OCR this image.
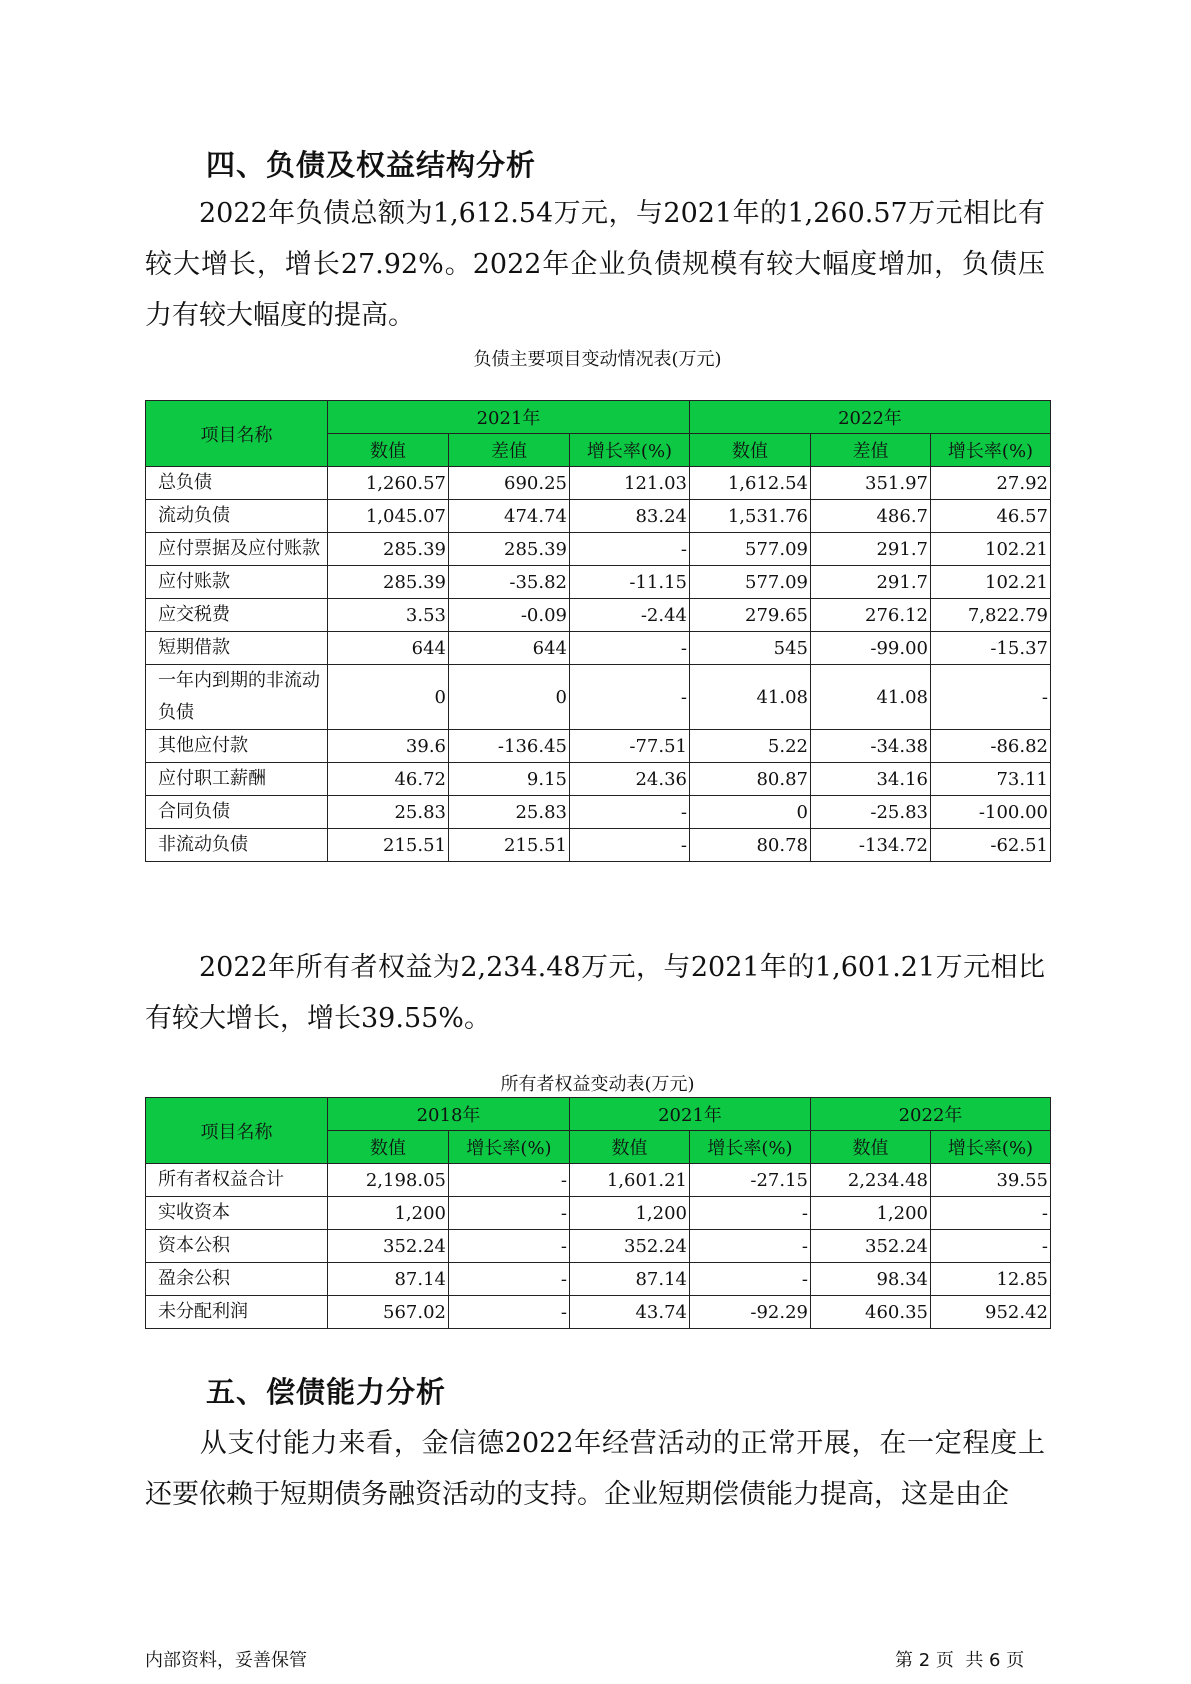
四、负债及权益结构分析
2022年负债总额为1,612.54万元，与2021年的1,260.57万元相比有较大增长，增长27.92%。2022年企业负债规模有较大幅度增加，负债压力有较大幅度的提高。
负债主要项目变动情况表(万元)
项目名称	2021年			2022年		
	数值	差值	增长率(%)	数值	差值	增长率(%)
总负债	1,260.57	690.25	121.03	1,612.54	351.97	27.92
流动负债	1,045.07	474.74	83.24	1,531.76	486.7	46.57
应付票据及应付账款	285.39	285.39	-	577.09	291.7	102.21
应付账款	285.39	-35.82	-11.15	577.09	291.7	102.21
应交税费	3.53	-0.09	-2.44	279.65	276.12	7,822.79
短期借款	644	644	-	545	-99.00	-15.37
一年内到期的非流动负债	0	0	-	41.08	41.08	-
其他应付款	39.6	-136.45	-77.51	5.22	-34.38	-86.82
应付职工薪酬	46.72	9.15	24.36	80.87	34.16	73.11
合同负债	25.83	25.83	-	0	-25.83	-100.00
非流动负债	215.51	215.51	-	80.78	-134.72	-62.51
2022年所有者权益为2,234.48万元，与2021年的1,601.21万元相比有较大增长，增长39.55%。
所有者权益变动表(万元)
项目名称	2018年		2021年		2022年	
	数值	增长率(%)	数值	增长率(%)	数值	增长率(%)
所有者权益合计	2,198.05	-	1,601.21	-27.15	2,234.48	39.55
实收资本	1,200	-	1,200	-	1,200	-
资本公积	352.24	-	352.24	-	352.24	-
盈余公积	87.14	-	87.14	-	98.34	12.85
未分配利润	567.02	-	43.74	-92.29	460.35	952.42
五、偿债能力分析
从支付能力来看，金信德2022年经营活动的正常开展，在一定程度上还要依赖于短期债务融资活动的支持。企业短期偿债能力提高，这是由企
内部资料，妥善保管	第 2 页  共 6 页
